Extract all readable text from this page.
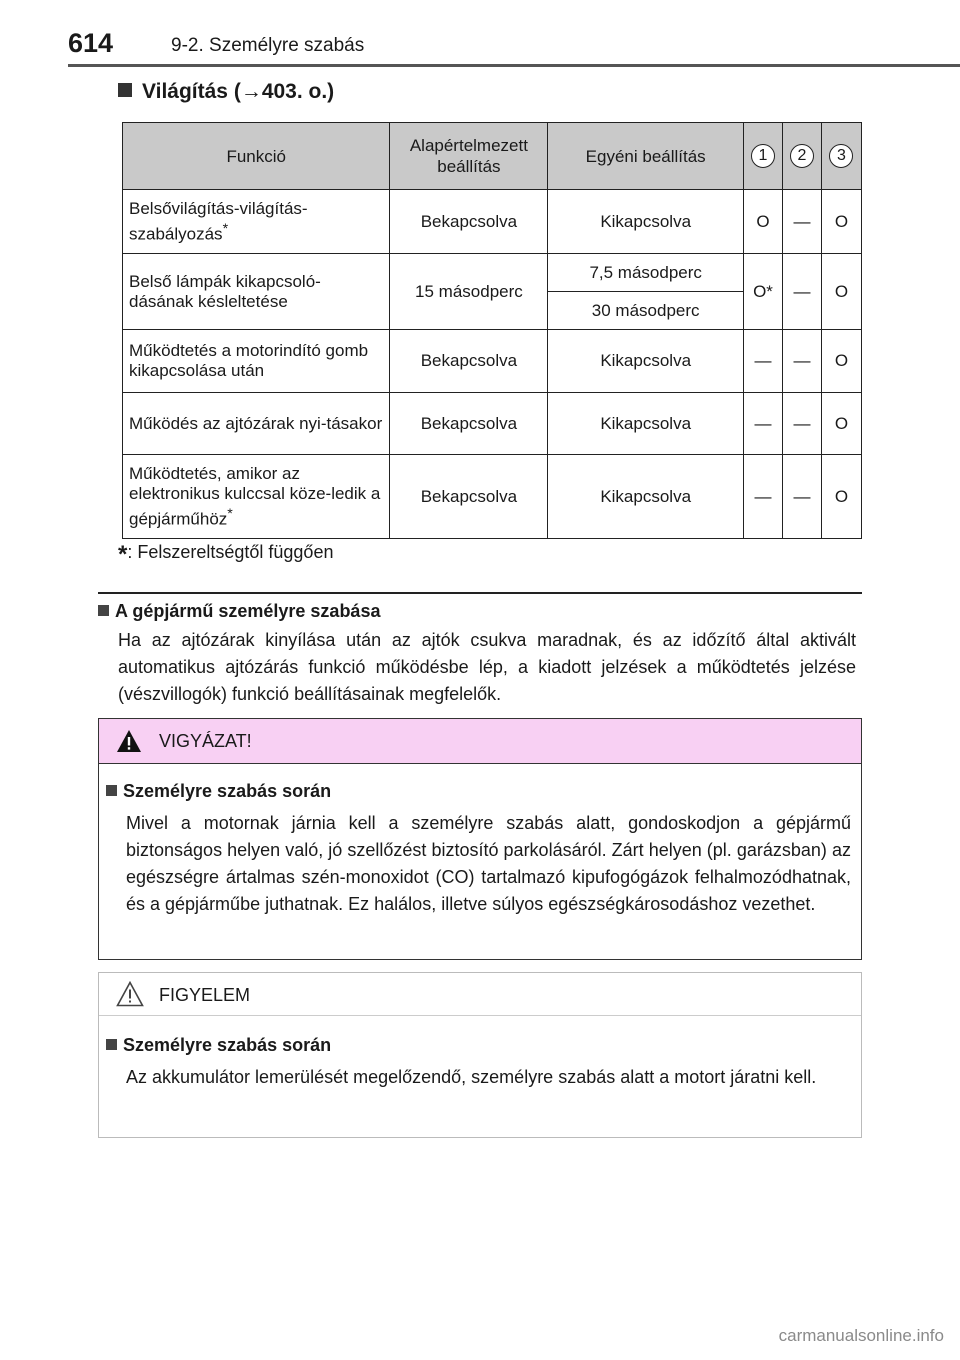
614	9-2. Személyre szabás
Világítás (→403. o.)
Funkció	Alapértelmezett beállítás	Egyéni beállítás	1	2	3
Belsővilágítás-világítás-szabályozás*	Bekapcsolva	Kikapcsolva	O	—	O
Belső lámpák kikapcsoló-dásának késleltetése	15 másodperc	7,5 másodperc	O*	—	O
		30 másodperc			
Működtetés a motorindító gomb kikapcsolása után	Bekapcsolva	Kikapcsolva	—	—	O
Működés az ajtózárak nyi-tásakor	Bekapcsolva	Kikapcsolva	—	—	O
Működtetés, amikor az elektronikus kulccsal köze-ledik a gépjárműhöz*	Bekapcsolva	Kikapcsolva	—	—	O
*: Felszereltségtől függően
A gépjármű személyre szabása
Ha az ajtózárak kinyílása után az ajtók csukva maradnak, és az időzítő által aktivált automatikus ajtózárás funkció működésbe lép, a kiadott jelzések a működtetés jelzése (vészvillogók) funkció beállításainak megfelelők.
VIGYÁZAT!
Személyre szabás során
Mivel a motornak járnia kell a személyre szabás alatt, gondoskodjon a gépjármű biztonságos helyen való, jó szellőzést biztosító parkolásáról. Zárt helyen (pl. garázsban) az egészségre ártalmas szén-monoxidot (CO) tartalmazó kipufogógázok felhalmozódhatnak, és a gépjárműbe juthatnak. Ez halálos, illetve súlyos egészségkárosodáshoz vezethet.
FIGYELEM
Személyre szabás során
Az akkumulátor lemerülését megelőzendő, személyre szabás alatt a motort járatni kell.
carmanualsonline.info
